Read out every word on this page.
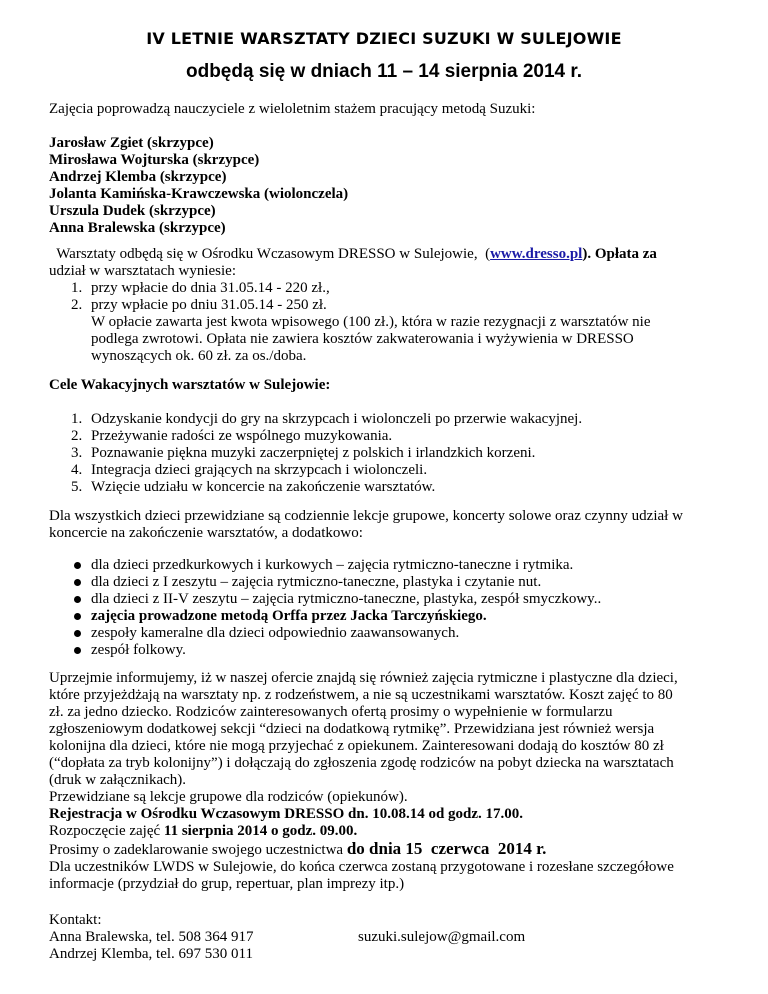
IV LETNIE WARSZTATY DZIECI SUZUKI W SULEJOWIE
odbędą się w dniach 11 – 14 sierpnia 2014 r.
Zajęcia poprowadzą nauczyciele z wieloletnim stażem pracujący metodą Suzuki:
Jarosław Zgiet (skrzypce)
Mirosława Wojturska (skrzypce)
Andrzej Klemba (skrzypce)
Jolanta Kamińska-Krawczewska (wiolonczela)
Urszula Dudek (skrzypce)
Anna Bralewska (skrzypce)
Warsztaty odbędą się w Ośrodku Wczasowym DRESSO w Sulejowie,  (www.dresso.pl). Opłata za
udział w warsztatach wyniesie:
1. przy wpłacie do dnia 31.05.14 - 220 zł.,
2. przy wpłacie po dniu 31.05.14 - 250 zł.
W opłacie zawarta jest kwota wpisowego (100 zł.), która w razie rezygnacji z warsztatów nie
podlega zwrotowi. Opłata nie zawiera kosztów zakwaterowania i wyżywienia w DRESSO
wynoszących ok. 60 zł. za os./doba.
Cele Wakacyjnych warsztatów w Sulejowie:
1. Odzyskanie kondycji do gry na skrzypcach i wiolonczeli po przerwie wakacyjnej.
2. Przeżywanie radości ze wspólnego muzykowania.
3. Poznawanie piękna muzyki zaczerpniętej z polskich i irlandzkich korzeni.
4. Integracja dzieci grających na skrzypcach i wiolonczeli.
5. Wzięcie udziału w koncercie na zakończenie warsztatów.
Dla wszystkich dzieci przewidziane są codziennie lekcje grupowe, koncerty solowe oraz czynny udział w
koncercie na zakończenie warsztatów, a dodatkowo:
dla dzieci przedkurkowych i kurkowych – zajęcia rytmiczno-taneczne i rytmika.
dla dzieci z I zeszytu – zajęcia rytmiczno-taneczne, plastyka i czytanie nut.
dla dzieci z II-V zeszytu – zajęcia rytmiczno-taneczne, plastyka, zespół smyczkowy..
zajęcia prowadzone metodą Orffa przez Jacka Tarczyńskiego.
zespoły kameralne dla dzieci odpowiednio zaawansowanych.
zespół folkowy.
Uprzejmie informujemy, iż w naszej ofercie znajdą się również zajęcia rytmiczne i plastyczne dla dzieci,
które przyjeżdżają na warsztaty np. z rodzeństwem, a nie są uczestnikami warsztatów. Koszt zajęć to 80
zł. za jedno dziecko. Rodziców zainteresowanych ofertą prosimy o wypełnienie w formularzu
zgłoszeniowym dodatkowej sekcji “dzieci na dodatkową rytmikę”. Przewidziana jest również wersja
kolonijna dla dzieci, które nie mogą przyjechać z opiekunem. Zainteresowani dodają do kosztów 80 zł
(“dopłata za tryb kolonijny”) i dołączają do zgłoszenia zgodę rodziców na pobyt dziecka na warsztatach
(druk w załącznikach).
Przewidziane są lekcje grupowe dla rodziców (opiekunów).
Rejestracja w Ośrodku Wczasowym DRESSO dn. 10.08.14 od godz. 17.00.
Rozpoczęcie zajęć 11 sierpnia 2014 o godz. 09.00.
Prosimy o zadeklarowanie swojego uczestnictwa do dnia 15  czerwca  2014 r.
Dla uczestników LWDS w Sulejowie, do końca czerwca zostaną przygotowane i rozesłane szczegółowe
informacje (przydział do grup, repertuar, plan imprezy itp.)
Kontakt:
Anna Bralewska, tel. 508 364 917
Andrzej Klemba, tel. 697 530 011
suzuki.sulejow@gmail.com
